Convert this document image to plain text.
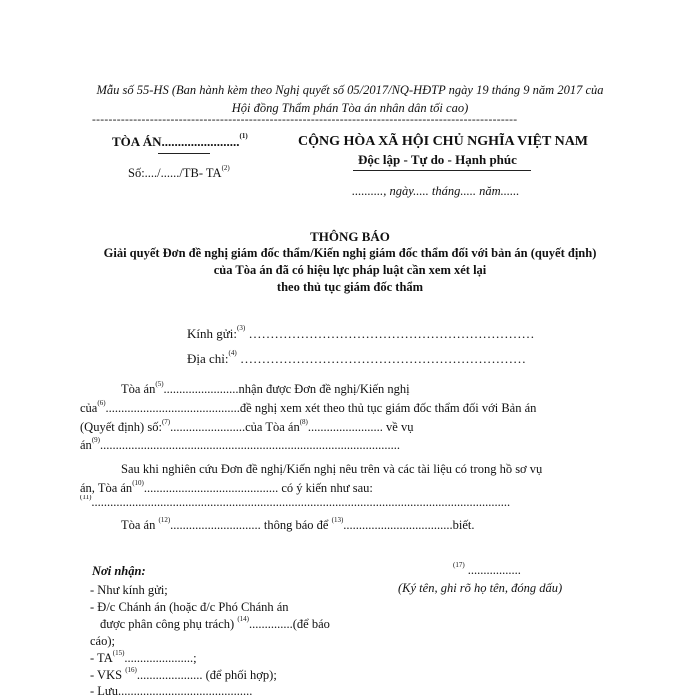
Mẫu số 55-HS (Ban hành kèm theo Nghị quyết số 05/2017/NQ-HĐTP ngày 19 tháng 9 năm 2017 của
Hội đồng Thẩm phán Tòa án nhân dân tối cao)
-------------------------------------------------------------------------------------------------------
TÒA ÁN........................$^{(1)}$
Số:..../....../TB- TA$^{(2)}$
CỘNG HÒA XÃ HỘI CHỦ NGHĨA VIỆT NAM
Độc lập - Tự do - Hạnh phúc
.........., ngày..... tháng..... năm......
THÔNG BÁO
Giải quyết Đơn đề nghị giám đốc thẩm/Kiến nghị giám đốc thẩm đối với bản án (quyết định)
của Tòa án đã có hiệu lực pháp luật cần xem xét lại
theo thủ tục giám đốc thẩm
Kính gửi:$^{(3)}$ …………………………………………………………
Địa chỉ:$^{(4)}$ …………………………………………………………
Tòa $án^{(5)}........................nhận$ được Đơn đề nghị/Kiến nghị
của$^{(6)}$...........................................đề nghị xem xét theo thủ tục giám đốc thẩm đối với Bản án
(Quyết định) số:$^{(7)}$........................của Tòa $án^{(8)}$........................ về vụ
$án^{(9)}$................................................................................................
Sau khi nghiên cứu Đơn đề nghị/Kiến nghị nêu trên và các tài liệu có trong hồ sơ vụ
án, Tòa $án^{(10)}$........................................... có ý kiến như sau:
$^{(11)}$......................................................................................................................................
Tòa án $^{(12)}$............................. thông báo để $^{(13)}$...................................biết.
Nơi nhận:
- Như kính gửi;
- Đ/c Chánh án (hoặc đ/c Phó Chánh án
được phân công phụ trách) $^{(14)}$..............(để báo
cáo);
- TA$^{(15)}$......................;
- VKS $^{(16)}$..................... (để phối hợp);
- Lưu...........................................
$^{(17)}$ .................
(Ký tên, ghi rõ họ tên, đóng dấu)
